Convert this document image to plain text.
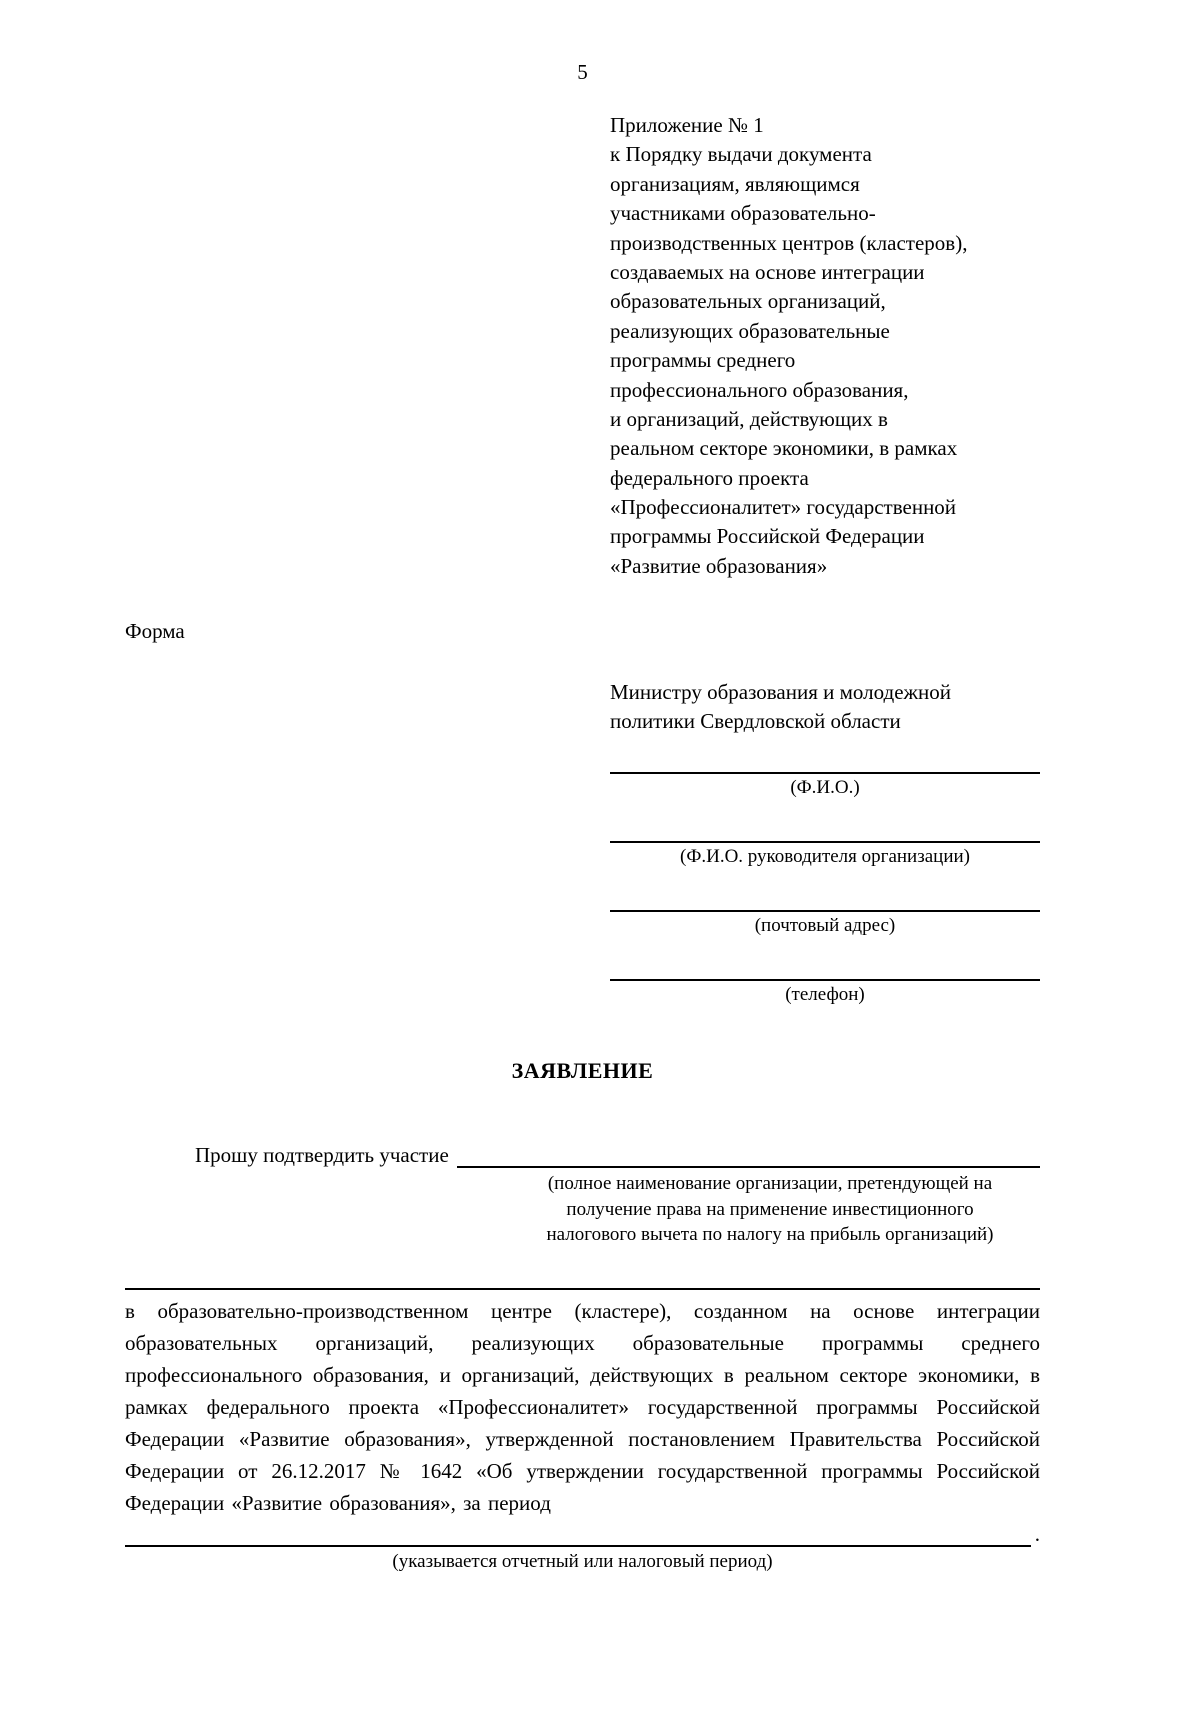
5
Приложение № 1
к Порядку выдачи документа
организациям, являющимся
участниками образовательно-
производственных центров (кластеров),
создаваемых на основе интеграции
образовательных организаций,
реализующих образовательные
программы среднего
профессионального образования,
и организаций, действующих в
реальном секторе экономики, в рамках
федерального проекта
«Профессионалитет» государственной
программы Российской Федерации
«Развитие образования»
Форма
Министру образования и молодежной
политики Свердловской области
(Ф.И.О.)
(Ф.И.О. руководителя организации)
(почтовый адрес)
(телефон)
ЗАЯВЛЕНИЕ
Прошу подтвердить участие
(полное наименование организации, претендующей на
получение права на применение инвестиционного
налогового вычета по налогу на прибыль организаций)
в образовательно-производственном центре (кластере), созданном на основе интеграции образовательных организаций, реализующих образовательные программы среднего профессионального образования, и организаций, действующих в реальном секторе экономики, в рамках федерального проекта «Профессионалитет» государственной программы Российской Федерации «Развитие образования», утвержденной постановлением Правительства Российской Федерации от 26.12.2017 № 1642 «Об утверждении государственной программы Российской Федерации «Развитие образования», за период
.
(указывается отчетный или налоговый период)
